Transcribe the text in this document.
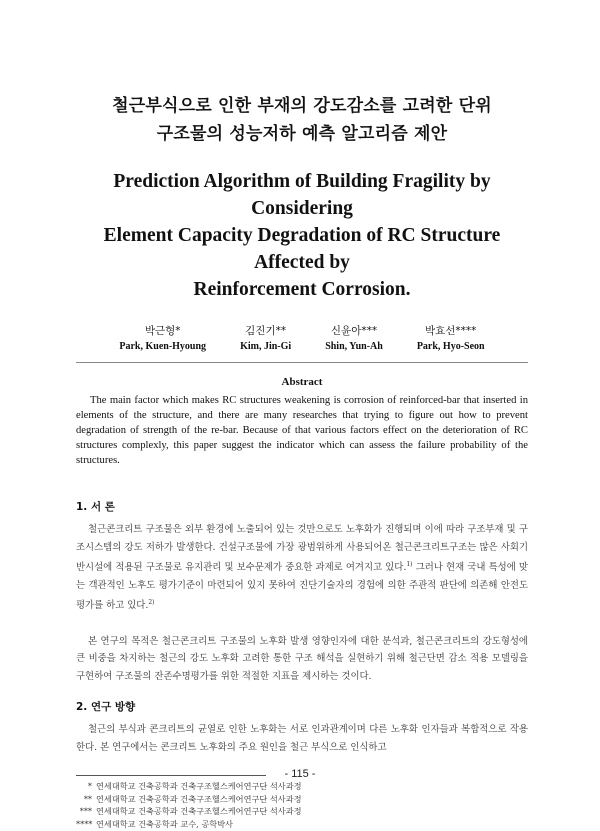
철근부식으로 인한 부재의 강도감소를 고려한 단위
구조물의 성능저하 예측 알고리즘 제안
Prediction Algorithm of Building Fragility by Considering
Element Capacity Degradation of RC Structure Affected by
Reinforcement Corrosion.
박근형*
Park, Kuen-Hyoung
김진기**
Kim, Jin-Gi
신윤아***
Shin, Yun-Ah
박효선****
Park, Hyo-Seon
Abstract
The main factor which makes RC structures weakening is corrosion of reinforced-bar that inserted in elements of the structure, and there are many researches that trying to figure out how to prevent degradation of strength of the re-bar. Because of that various factors effect on the deterioration of RC structures complexly, this paper suggest the indicator which can assess the failure probability of the structures.
1. 서 론
철근콘크리트 구조물은 외부 환경에 노출되어 있는 것만으로도 노후화가 진행되며 이에 따라 구조부재 및 구조시스템의 강도 저하가 발생한다. 건설구조물에 가장 광범위하게 사용되어온 철근콘크리트구조는 많은 사회기반시설에 적용된 구조물로 유지관리 및 보수문제가 중요한 과제로 여겨지고 있다.$^{1)}$ 그러나 현재 국내 특성에 맞는 객관적인 노후도 평가기준이 마련되어 있지 못하여 진단기술자의 경험에 의한 주관적 판단에 의존해 안전도 평가를 하고 있다.$^{2)}$
본 연구의 목적은 철근콘크리트 구조물의 노후화 발생 영향인자에 대한 분석과, 철근콘크리트의 강도형성에 큰 비중을 차지하는 철근의 강도 노후화 고려한 통한 구조 해석을 실현하기 위해 철근단면 감소 적용 모델링을 구현하여 구조물의 잔존수명평가를 위한 적절한 지표을 제시하는 것이다.
2. 연구 방향
철근의 부식과 콘크리트의 균열로 인한 노후화는 서로 인과관계이며 다른 노후화 인자들과 복합적으로 작용한다. 본 연구에서는 콘크리트 노후화의 주요 원인을 철근 부식으로 인식하고
* 연세대학교 건축공학과 건축구조헬스케어연구단 석사과정
** 연세대학교 건축공학과 건축구조헬스케어연구단 석사과정
*** 연세대학교 건축공학과 건축구조헬스케어연구단 석사과정
**** 연세대학교 건축공학과 교수, 공학박사
- 115 -
